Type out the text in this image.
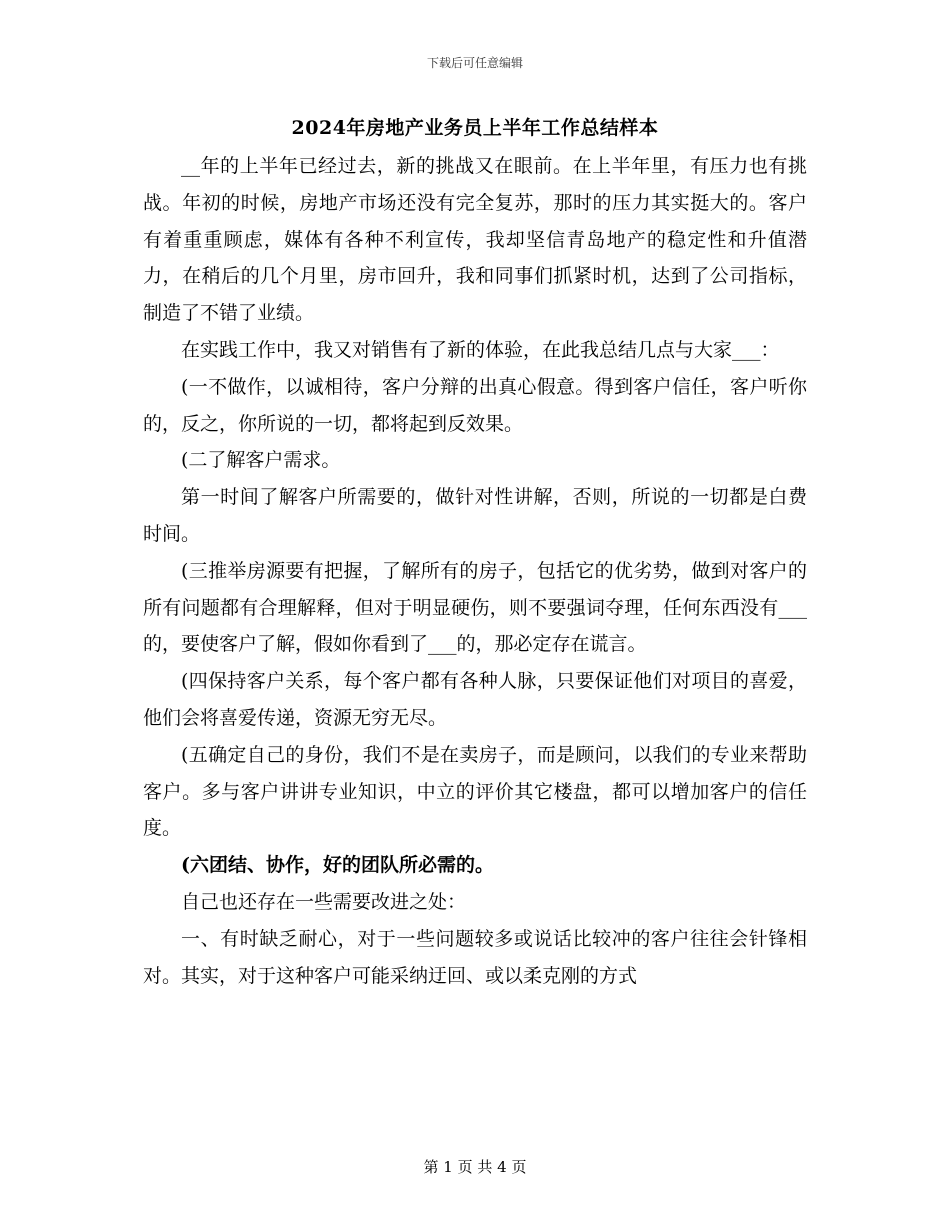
下载后可任意编辑
2024年房地产业务员上半年工作总结样本

__年的上半年已经过去，新的挑战又在眼前。在上半年里，有压力也有挑战。年初的时候，房地产市场还没有完全复苏，那时的压力其实挺大的。客户有着重重顾虑，媒体有各种不利宣传，我却坚信青岛地产的稳定性和升值潜力，在稍后的几个月里，房市回升，我和同事们抓紧时机，达到了公司指标，制造了不错了业绩。

在实践工作中，我又对销售有了新的体验，在此我总结几点与大家___：

(一不做作，以诚相待，客户分辩的出真心假意。得到客户信任，客户听你的，反之，你所说的一切，都将起到反效果。

(二了解客户需求。

第一时间了解客户所需要的，做针对性讲解，否则，所说的一切都是白费时间。

(三推举房源要有把握，了解所有的房子，包括它的优劣势，做到对客户的所有问题都有合理解释，但对于明显硬伤，则不要强词夺理，任何东西没有___的，要使客户了解，假如你看到了___的，那必定存在谎言。

(四保持客户关系，每个客户都有各种人脉，只要保证他们对项目的喜爱，他们会将喜爱传递，资源无穷无尽。

(五确定自己的身份，我们不是在卖房子，而是顾问，以我们的专业来帮助客户。多与客户讲讲专业知识，中立的评价其它楼盘，都可以增加客户的信任度。

(六团结、协作，好的团队所必需的。

自己也还存在一些需要改进之处：

一、有时缺乏耐心，对于一些问题较多或说话比较冲的客户往往会针锋相对。其实，对于这种客户可能采纳迂回、或以柔克刚的方式

第 1 页 共 4 页
